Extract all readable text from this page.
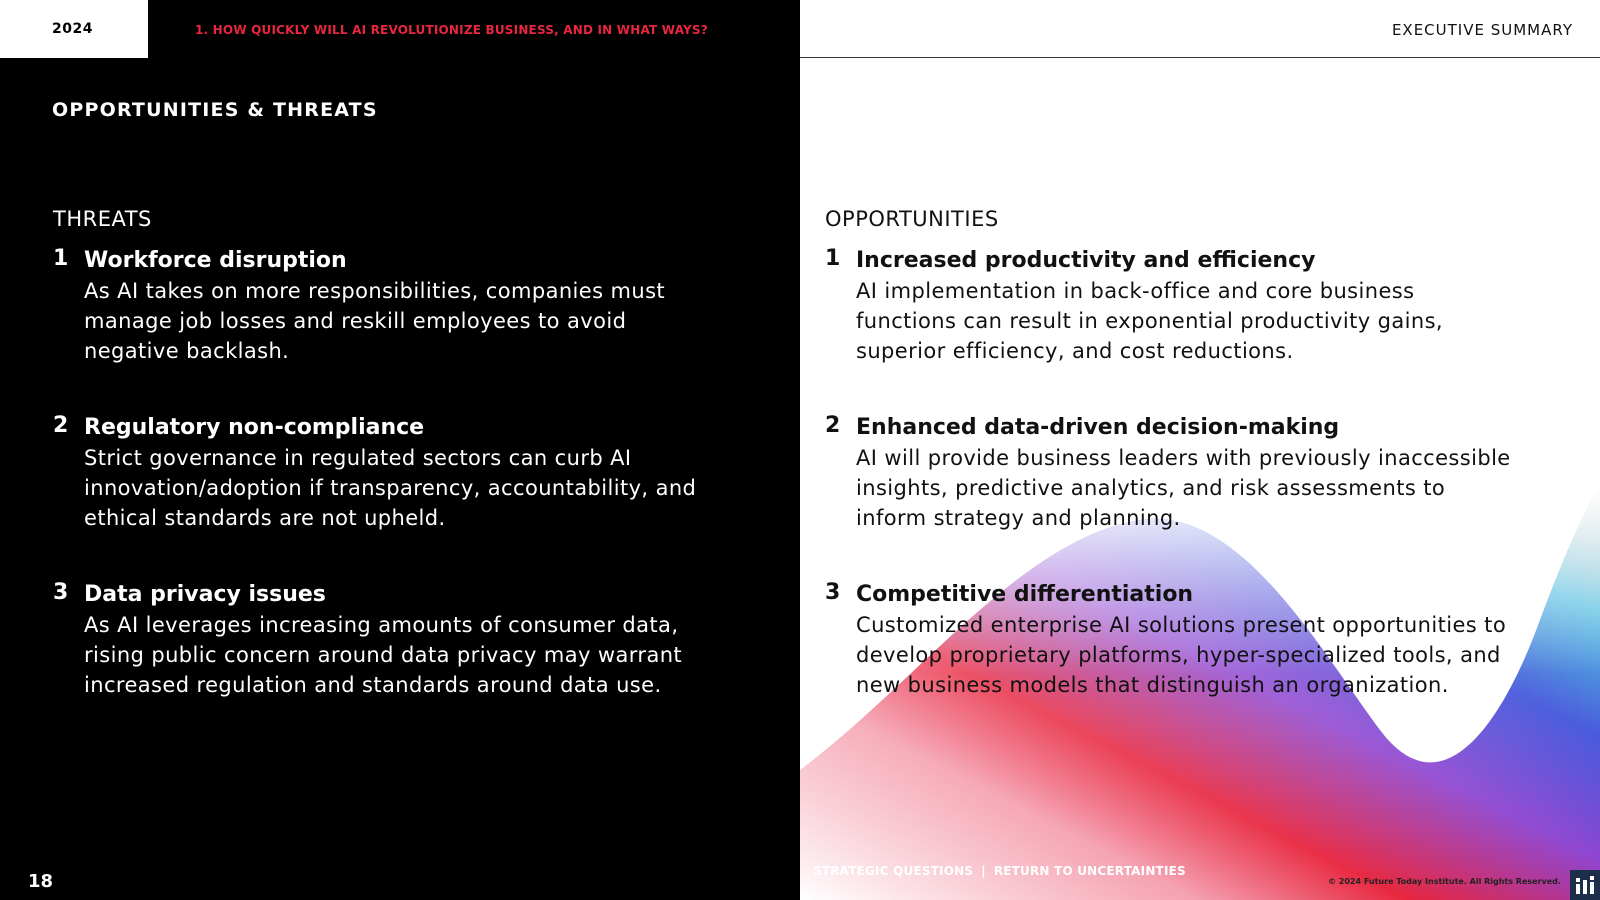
2024	1. HOW QUICKLY WILL AI REVOLUTIONIZE BUSINESS, AND IN WHAT WAYS?	EXECUTIVE SUMMARY
OPPORTUNITIES & THREATS
THREATS
1 Workforce disruption
As AI takes on more responsibilities, companies must manage job losses and reskill employees to avoid negative backlash.
2 Regulatory non-compliance
Strict governance in regulated sectors can curb AI innovation/adoption if transparency, accountability, and ethical standards are not upheld.
3 Data privacy issues
As AI leverages increasing amounts of consumer data, rising public concern around data privacy may warrant increased regulation and standards around data use.
OPPORTUNITIES
1 Increased productivity and efficiency
AI implementation in back-office and core business functions can result in exponential productivity gains, superior efficiency, and cost reductions.
2 Enhanced data-driven decision-making
AI will provide business leaders with previously inaccessible insights, predictive analytics, and risk assessments to inform strategy and planning.
3 Competitive differentiation
Customized enterprise AI solutions present opportunities to develop proprietary platforms, hyper-specialized tools, and new business models that distinguish an organization.
18	STRATEGIC QUESTIONS | RETURN TO UNCERTAINTIES
© 2024 Future Today Institute. All Rights Reserved.
